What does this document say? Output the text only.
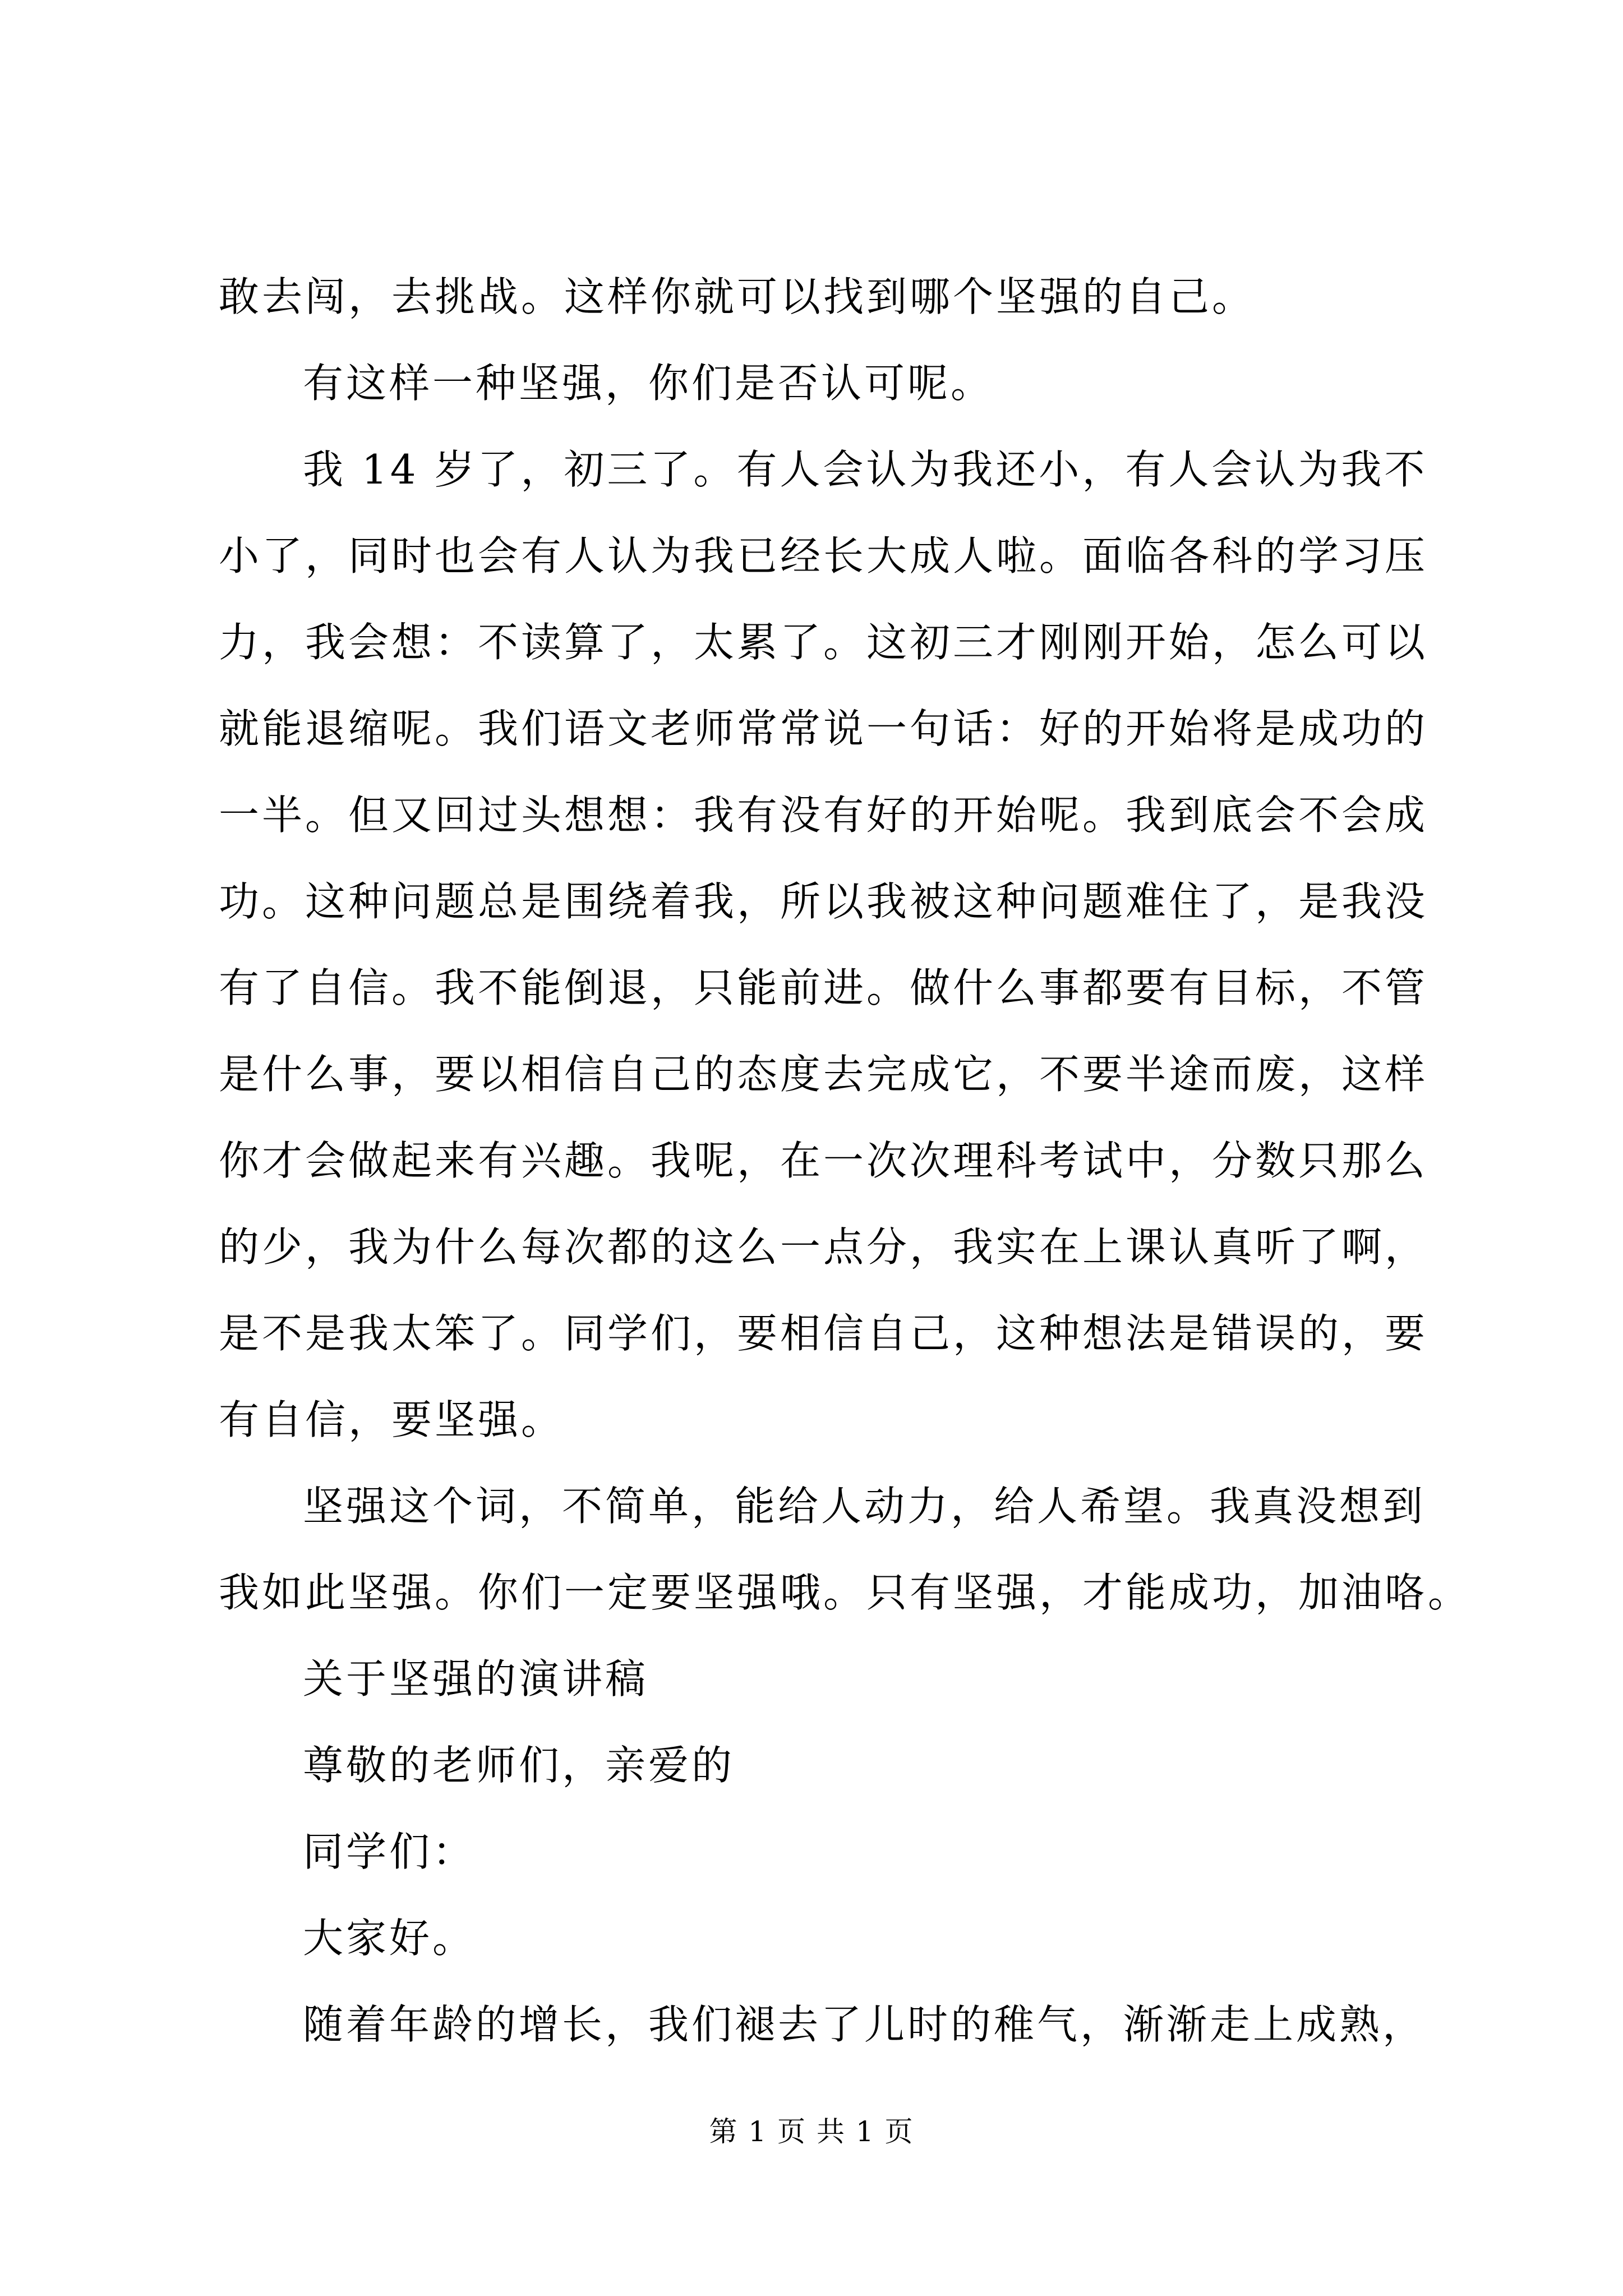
敢去闯，去挑战。这样你就可以找到哪个坚强的自己。
有这样一种坚强，你们是否认可呢。
我 14 岁了，初三了。有人会认为我还小，有人会认为我不
小了，同时也会有人认为我已经长大成人啦。面临各科的学习压
力，我会想：不读算了，太累了。这初三才刚刚开始，怎么可以
就能退缩呢。我们语文老师常常说一句话：好的开始将是成功的
一半。但又回过头想想：我有没有好的开始呢。我到底会不会成
功。这种问题总是围绕着我，所以我被这种问题难住了，是我没
有了自信。我不能倒退，只能前进。做什么事都要有目标，不管
是什么事，要以相信自己的态度去完成它，不要半途而废，这样
你才会做起来有兴趣。我呢，在一次次理科考试中，分数只那么
的少，我为什么每次都的这么一点分，我实在上课认真听了啊，
是不是我太笨了。同学们，要相信自己，这种想法是错误的，要
有自信，要坚强。
坚强这个词，不简单，能给人动力，给人希望。我真没想到
我如此坚强。你们一定要坚强哦。只有坚强，才能成功，加油咯。
关于坚强的演讲稿
尊敬的老师们，亲爱的
同学们：
大家好。
随着年龄的增长，我们褪去了儿时的稚气，渐渐走上成熟，
第 1 页 共 1 页
